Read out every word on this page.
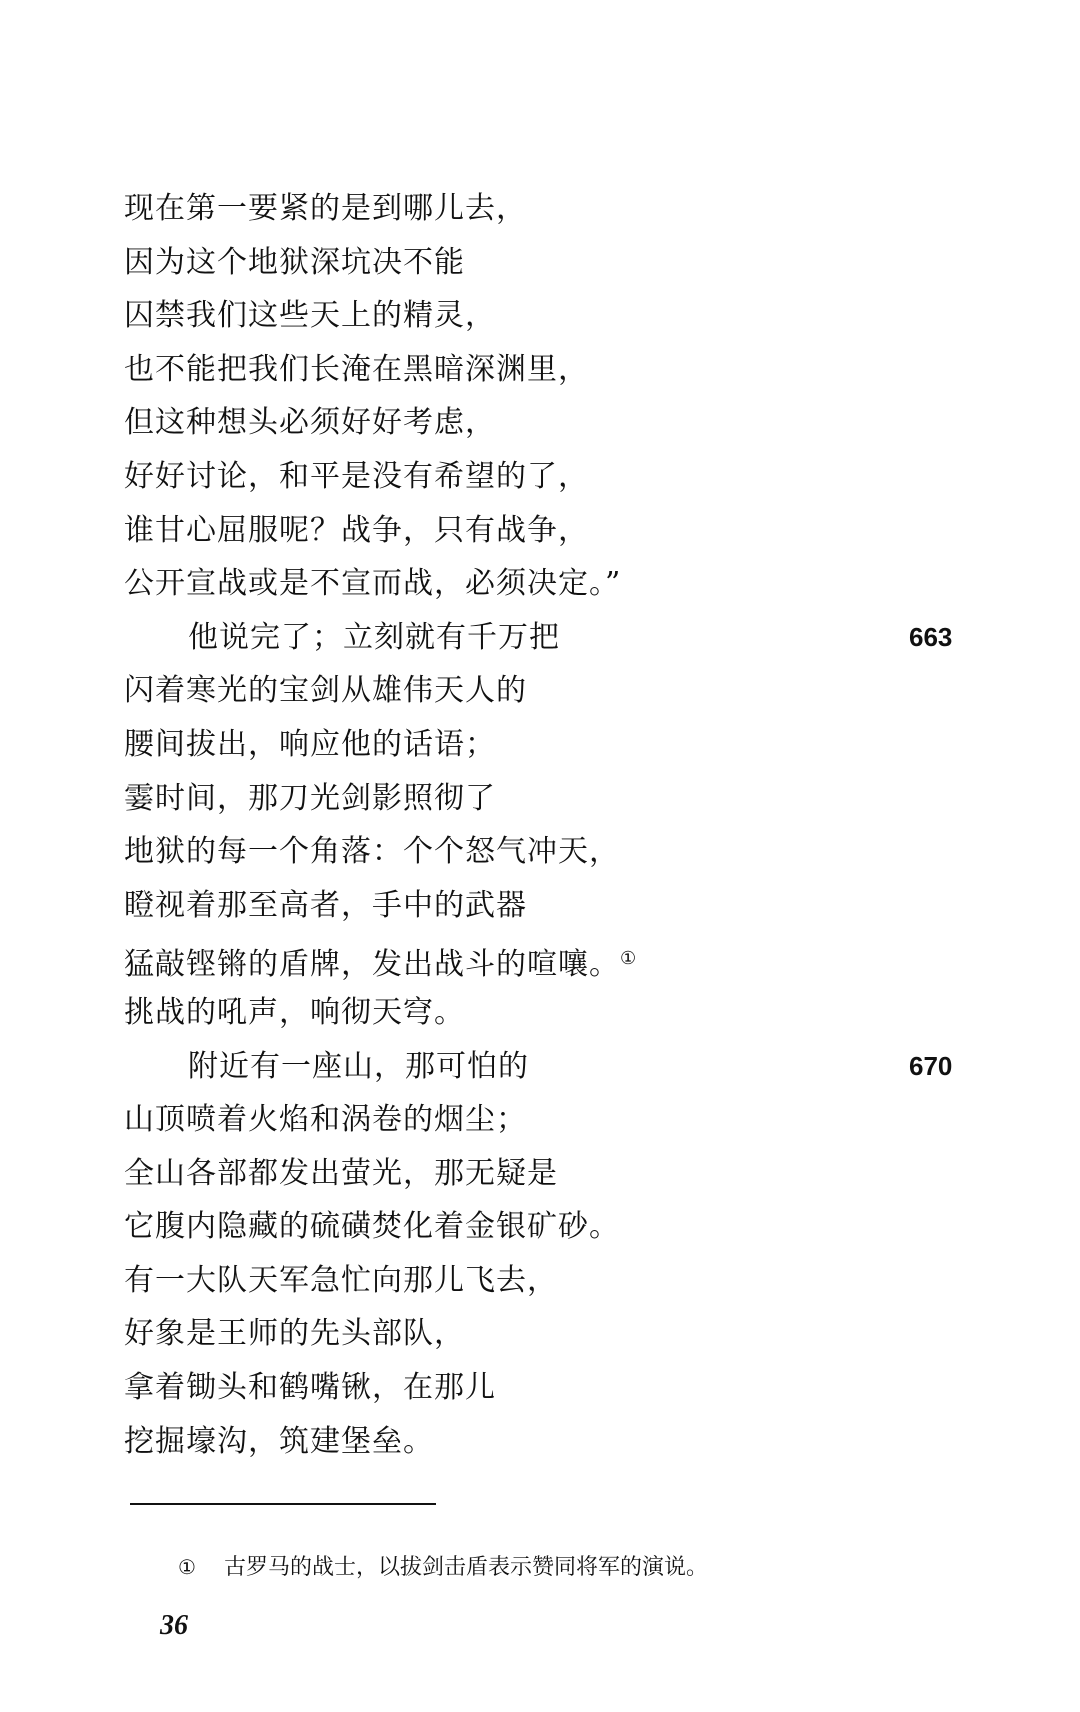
现在第一要紧的是到哪儿去，
因为这个地狱深坑决不能
囚禁我们这些天上的精灵，
也不能把我们长淹在黑暗深渊里，
但这种想头必须好好考虑，
好好讨论，和平是没有希望的了，
谁甘心屈服呢？战争，只有战争，
公开宣战或是不宣而战，必须决定。”
他说完了；立刻就有千万把	663
闪着寒光的宝剑从雄伟天人的
腰间拔出，响应他的话语；
霎时间，那刀光剑影照彻了
地狱的每一个角落：个个怒气冲天，
瞪视着那至高者，手中的武器
猛敲铿锵的盾牌，发出战斗的喧嚷。①
挑战的吼声，响彻天穹。
附近有一座山，那可怕的	670
山顶喷着火焰和涡卷的烟尘；
全山各部都发出萤光，那无疑是
它腹内隐藏的硫磺焚化着金银矿砂。
有一大队天军急忙向那儿飞去，
好象是王师的先头部队，
拿着锄头和鹤嘴锹，在那儿
挖掘壕沟，筑建堡垒。
① 古罗马的战士，以拔剑击盾表示赞同将军的演说。
36
